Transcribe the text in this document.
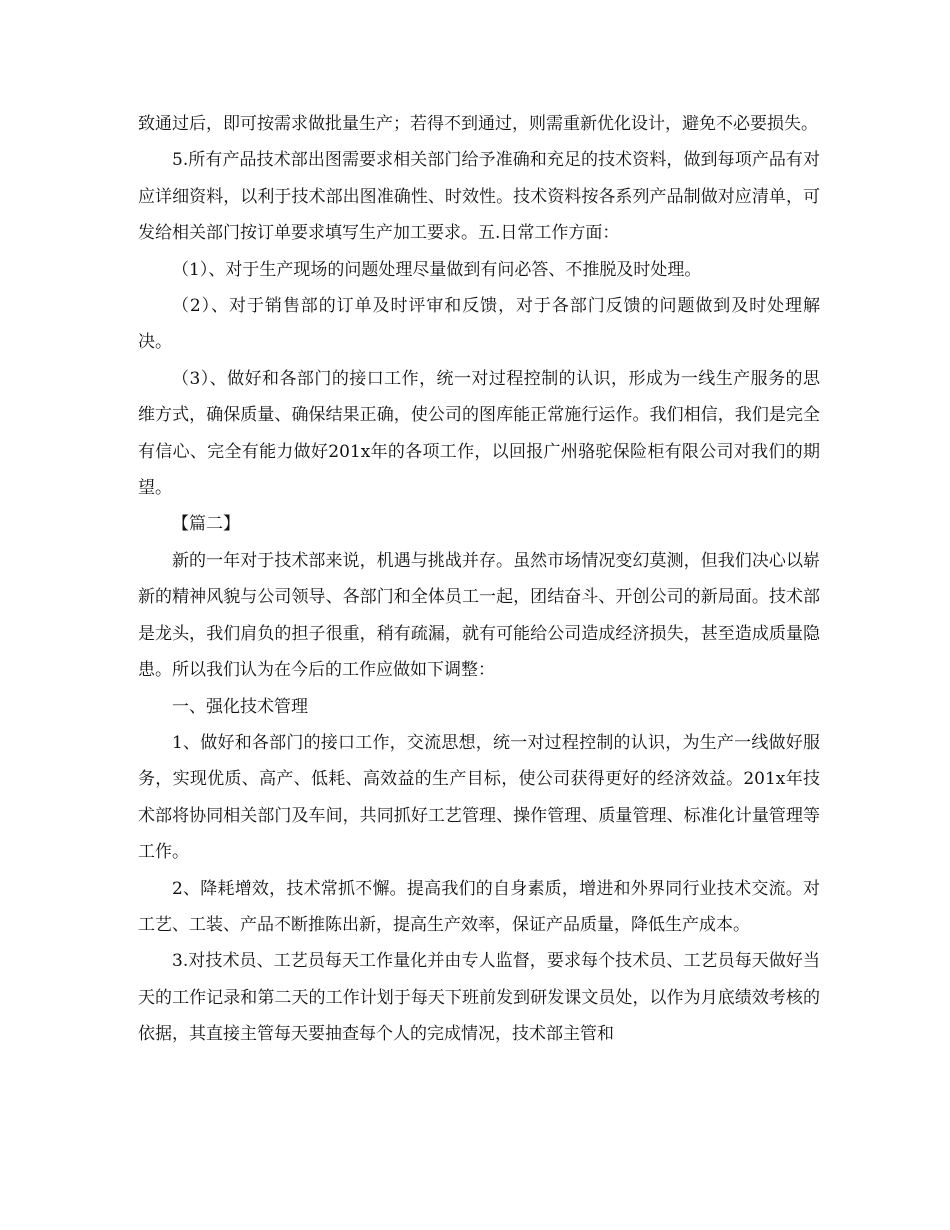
致通过后，即可按需求做批量生产；若得不到通过，则需重新优化设计，避免不必要损失。

5.所有产品技术部出图需要求相关部门给予准确和充足的技术资料，做到每项产品有对应详细资料，以利于技术部出图准确性、时效性。技术资料按各系列产品制做对应清单，可发给相关部门按订单要求填写生产加工要求。五.日常工作方面：

（1）、对于生产现场的问题处理尽量做到有问必答、不推脱及时处理。

（2）、对于销售部的订单及时评审和反馈，对于各部门反馈的问题做到及时处理解决。

（3）、做好和各部门的接口工作，统一对过程控制的认识，形成为一线生产服务的思维方式，确保质量、确保结果正确，使公司的图库能正常施行运作。我们相信，我们是完全有信心、完全有能力做好201x年的各项工作，以回报广州骆驼保险柜有限公司对我们的期望。

【篇二】

新的一年对于技术部来说，机遇与挑战并存。虽然市场情况变幻莫测，但我们决心以崭新的精神风貌与公司领导、各部门和全体员工一起，团结奋斗、开创公司的新局面。技术部是龙头，我们肩负的担子很重，稍有疏漏，就有可能给公司造成经济损失，甚至造成质量隐患。所以我们认为在今后的工作应做如下调整：

一、强化技术管理

1、做好和各部门的接口工作，交流思想，统一对过程控制的认识，为生产一线做好服务，实现优质、高产、低耗、高效益的生产目标，使公司获得更好的经济效益。201x年技术部将协同相关部门及车间，共同抓好工艺管理、操作管理、质量管理、标准化计量管理等工作。

2、降耗增效，技术常抓不懈。提高我们的自身素质，增进和外界同行业技术交流。对工艺、工装、产品不断推陈出新，提高生产效率，保证产品质量，降低生产成本。

3.对技术员、工艺员每天工作量化并由专人监督，要求每个技术员、工艺员每天做好当天的工作记录和第二天的工作计划于每天下班前发到研发课文员处，以作为月底绩效考核的依据，其直接主管每天要抽查每个人的完成情况，技术部主管和
